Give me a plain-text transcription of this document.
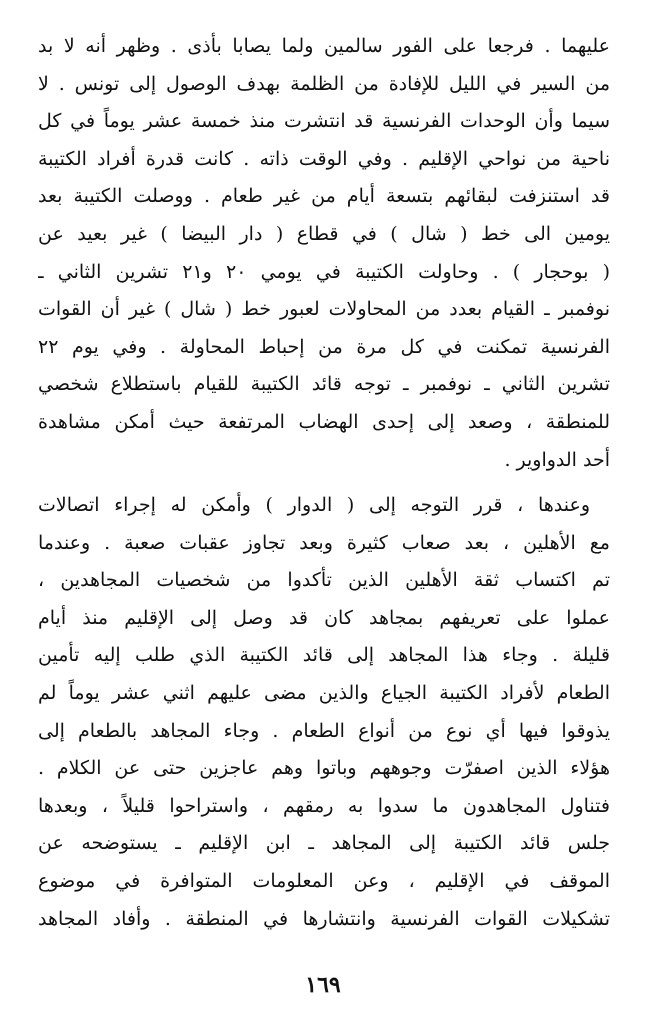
عليهما . فرجعا على الفور سالمين ولما يصابا بأذى . وظهر أنه لا بد
من السير في الليل للإفادة من الظلمة بهدف الوصول إلى تونس . لا
سيما وأن الوحدات الفرنسية قد انتشرت منذ خمسة عشر يوماً في كل
ناحية من نواحي الإقليم . وفي الوقت ذاته . كانت قدرة أفراد الكتيبة
قد استنزفت لبقائهم بتسعة أيام من غير طعام . ووصلت الكتيبة بعد
يومين الى خط ( شال ) في قطاع ( دار البيضا ) غير بعيد عن
( بوحجار ) . وحاولت الكتيبة في يومي ٢٠ و٢١ تشرين الثاني ـ
نوفمبر ـ القيام بعدد من المحاولات لعبور خط ( شال ) غير أن القوات
الفرنسية تمكنت في كل مرة من إحباط المحاولة . وفي يوم ٢٢
تشرين الثاني ـ نوفمبر ـ توجه قائد الكتيبة للقيام باستطلاع شخصي
للمنطقة ، وصعد إلى إحدى الهضاب المرتفعة حيث أمكن مشاهدة
أحد الدواوير .
وعندها ، قرر التوجه إلى ( الدوار ) وأمكن له إجراء اتصالات
مع الأهلين ، بعد صعاب كثيرة وبعد تجاوز عقبات صعبة . وعندما
تم اكتساب ثقة الأهلين الذين تأكدوا من شخصيات المجاهدين ،
عملوا على تعريفهم بمجاهد كان قد وصل إلى الإقليم منذ أيام
قليلة . وجاء هذا المجاهد إلى قائد الكتيبة الذي طلب إليه تأمين
الطعام لأفراد الكتيبة الجياع والذين مضى عليهم اثني عشر يوماً لم
يذوقوا فيها أي نوع من أنواع الطعام . وجاء المجاهد بالطعام إلى
هؤلاء الذين اصفرّت وجوههم وباتوا وهم عاجزين حتى عن الكلام .
فتناول المجاهدون ما سدوا به رمقهم ، واستراحوا قليلاً ، وبعدها
جلس قائد الكتيبة إلى المجاهد ـ ابن الإقليم ـ يستوضحه عن
الموقف في الإقليم ، وعن المعلومات المتوافرة في موضوع
تشكيلات القوات الفرنسية وانتشارها في المنطقة . وأفاد المجاهد
١٦٩
